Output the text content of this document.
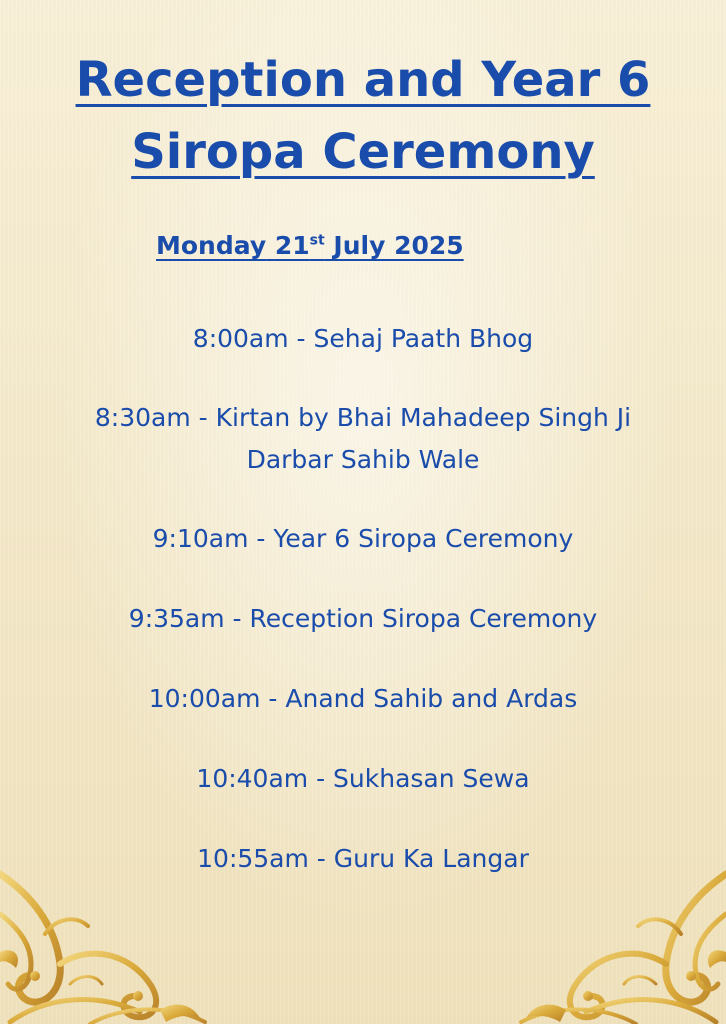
Reception and Year 6
Siropa Ceremony
Monday 21st July 2025
8:00am - Sehaj Paath Bhog
8:30am - Kirtan by Bhai Mahadeep Singh Ji
Darbar Sahib Wale
9:10am - Year 6 Siropa Ceremony
9:35am - Reception Siropa Ceremony
10:00am - Anand Sahib and Ardas
10:40am - Sukhasan Sewa
10:55am - Guru Ka Langar
